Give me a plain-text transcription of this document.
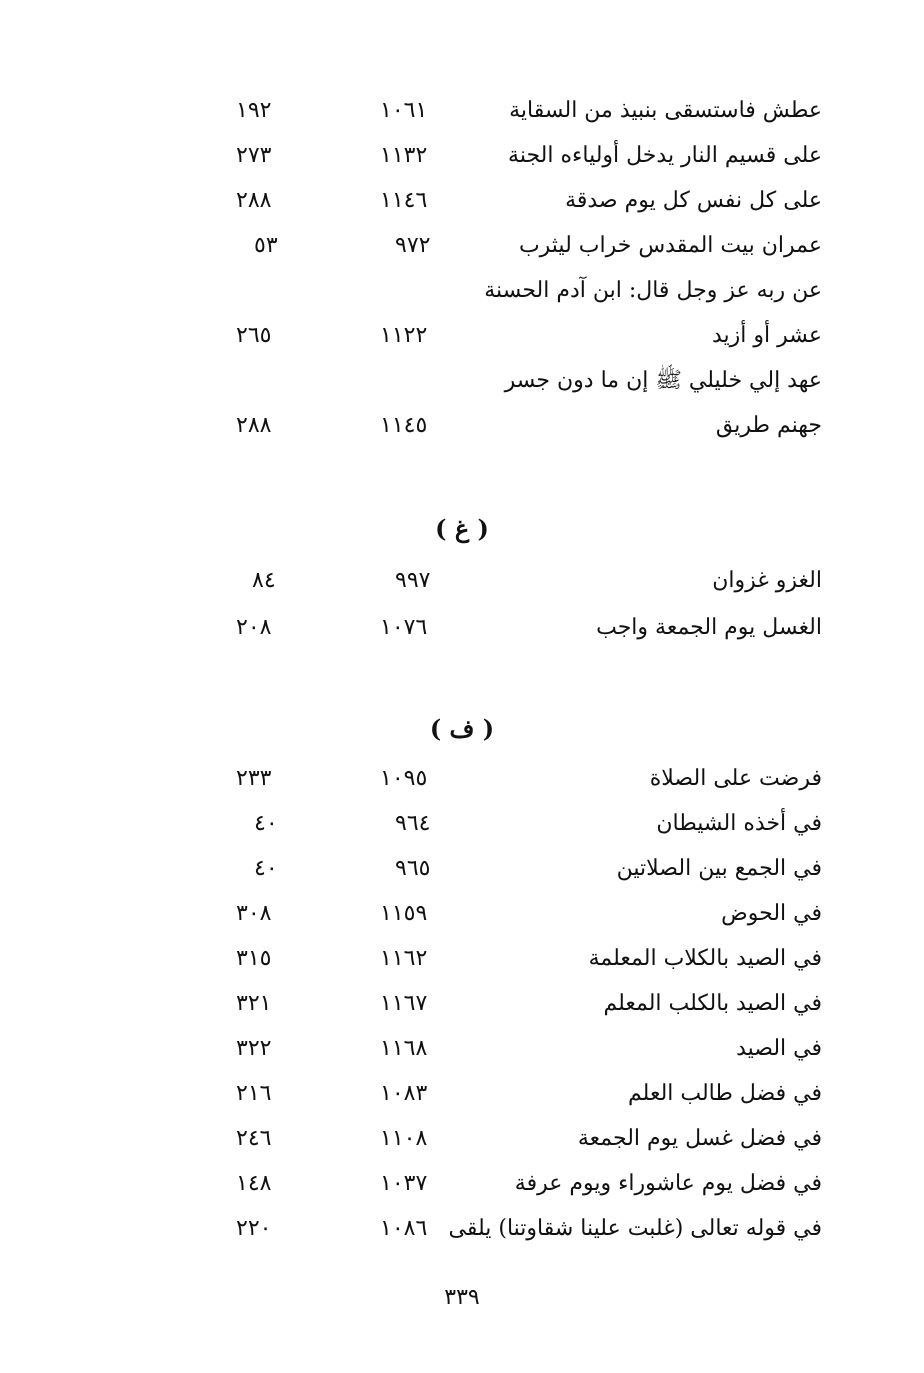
عطش فاستسقى بنبيذ من السقاية
١٠٦١
١٩٢
على قسيم النار يدخل أولياءه الجنة
١١٣٢
٢٧٣
على كل نفس كل يوم صدقة
١١٤٦
٢٨٨
عمران بيت المقدس خراب ليثرب
٩٧٢
٥٣
عن ربه عز وجل قال: ابن آدم الحسنة
عشر أو أزيد
١١٢٢
٢٦٥
عهد إلي خليلي ﷺ إن ما دون جسر
جهنم طريق
١١٤٥
٢٨٨
( غ )
الغزو غزوان
٩٩٧
٨٤
الغسل يوم الجمعة واجب
١٠٧٦
٢٠٨
( ف )
فرضت على الصلاة
١٠٩٥
٢٣٣
في أخذه الشيطان
٩٦٤
٤٠
في الجمع بين الصلاتين
٩٦٥
٤٠
في الحوض
١١٥٩
٣٠٨
في الصيد بالكلاب المعلمة
١١٦٢
٣١٥
في الصيد بالكلب المعلم
١١٦٧
٣٢١
في الصيد
١١٦٨
٣٢٢
في فضل طالب العلم
١٠٨٣
٢١٦
في فضل غسل يوم الجمعة
١١٠٨
٢٤٦
في فضل يوم عاشوراء ويوم عرفة
١٠٣٧
١٤٨
في قوله تعالى (غلبت علينا شقاوتنا) يلقى
١٠٨٦
٢٢٠
٣٣٩
